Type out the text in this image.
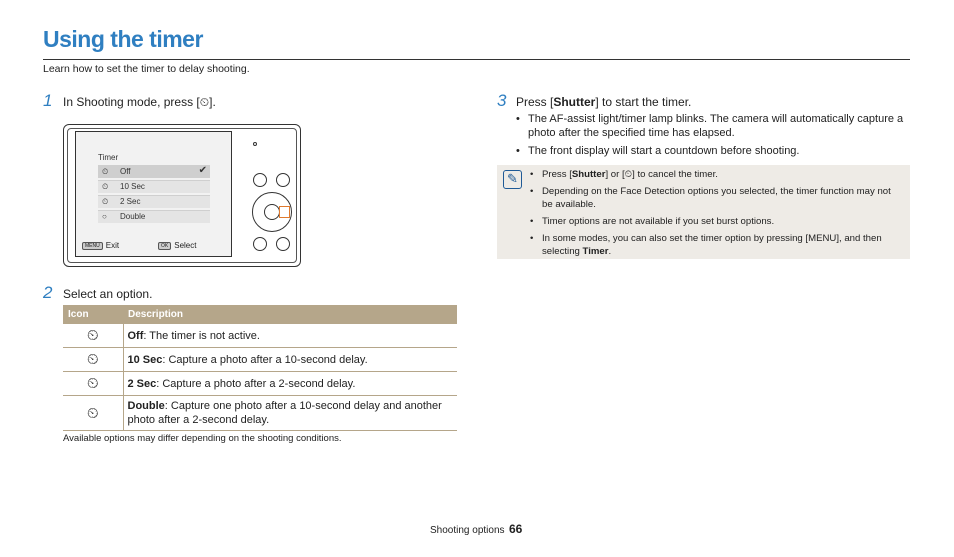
Using the timer
Learn how to set the timer to delay shooting.
1 In Shooting mode, press [⏲].
Timer
⏲ Off	✔
⏲ 10 Sec
⏲ 2 Sec
○ Double
MENU Exit	OK Select
2 Select an option.
Icon	Description
⏲	Off: The timer is not active.
⏲	10 Sec: Capture a photo after a 10-second delay.
⏲	2 Sec: Capture a photo after a 2-second delay.
⏲	Double: Capture one photo after a 10-second delay and another photo after a 2-second delay.
Available options may differ depending on the shooting conditions.
3 Press [Shutter] to start the timer.
• The AF-assist light/timer lamp blinks. The camera will automatically capture a photo after the specified time has elapsed.
• The front display will start a countdown before shooting.
✎	• Press [Shutter] or [⏲] to cancel the timer.
• Depending on the Face Detection options you selected, the timer function may not be available.
• Timer options are not available if you set burst options.
• In some modes, you can also set the timer option by pressing [MENU], and then selecting Timer.
Shooting options 66
